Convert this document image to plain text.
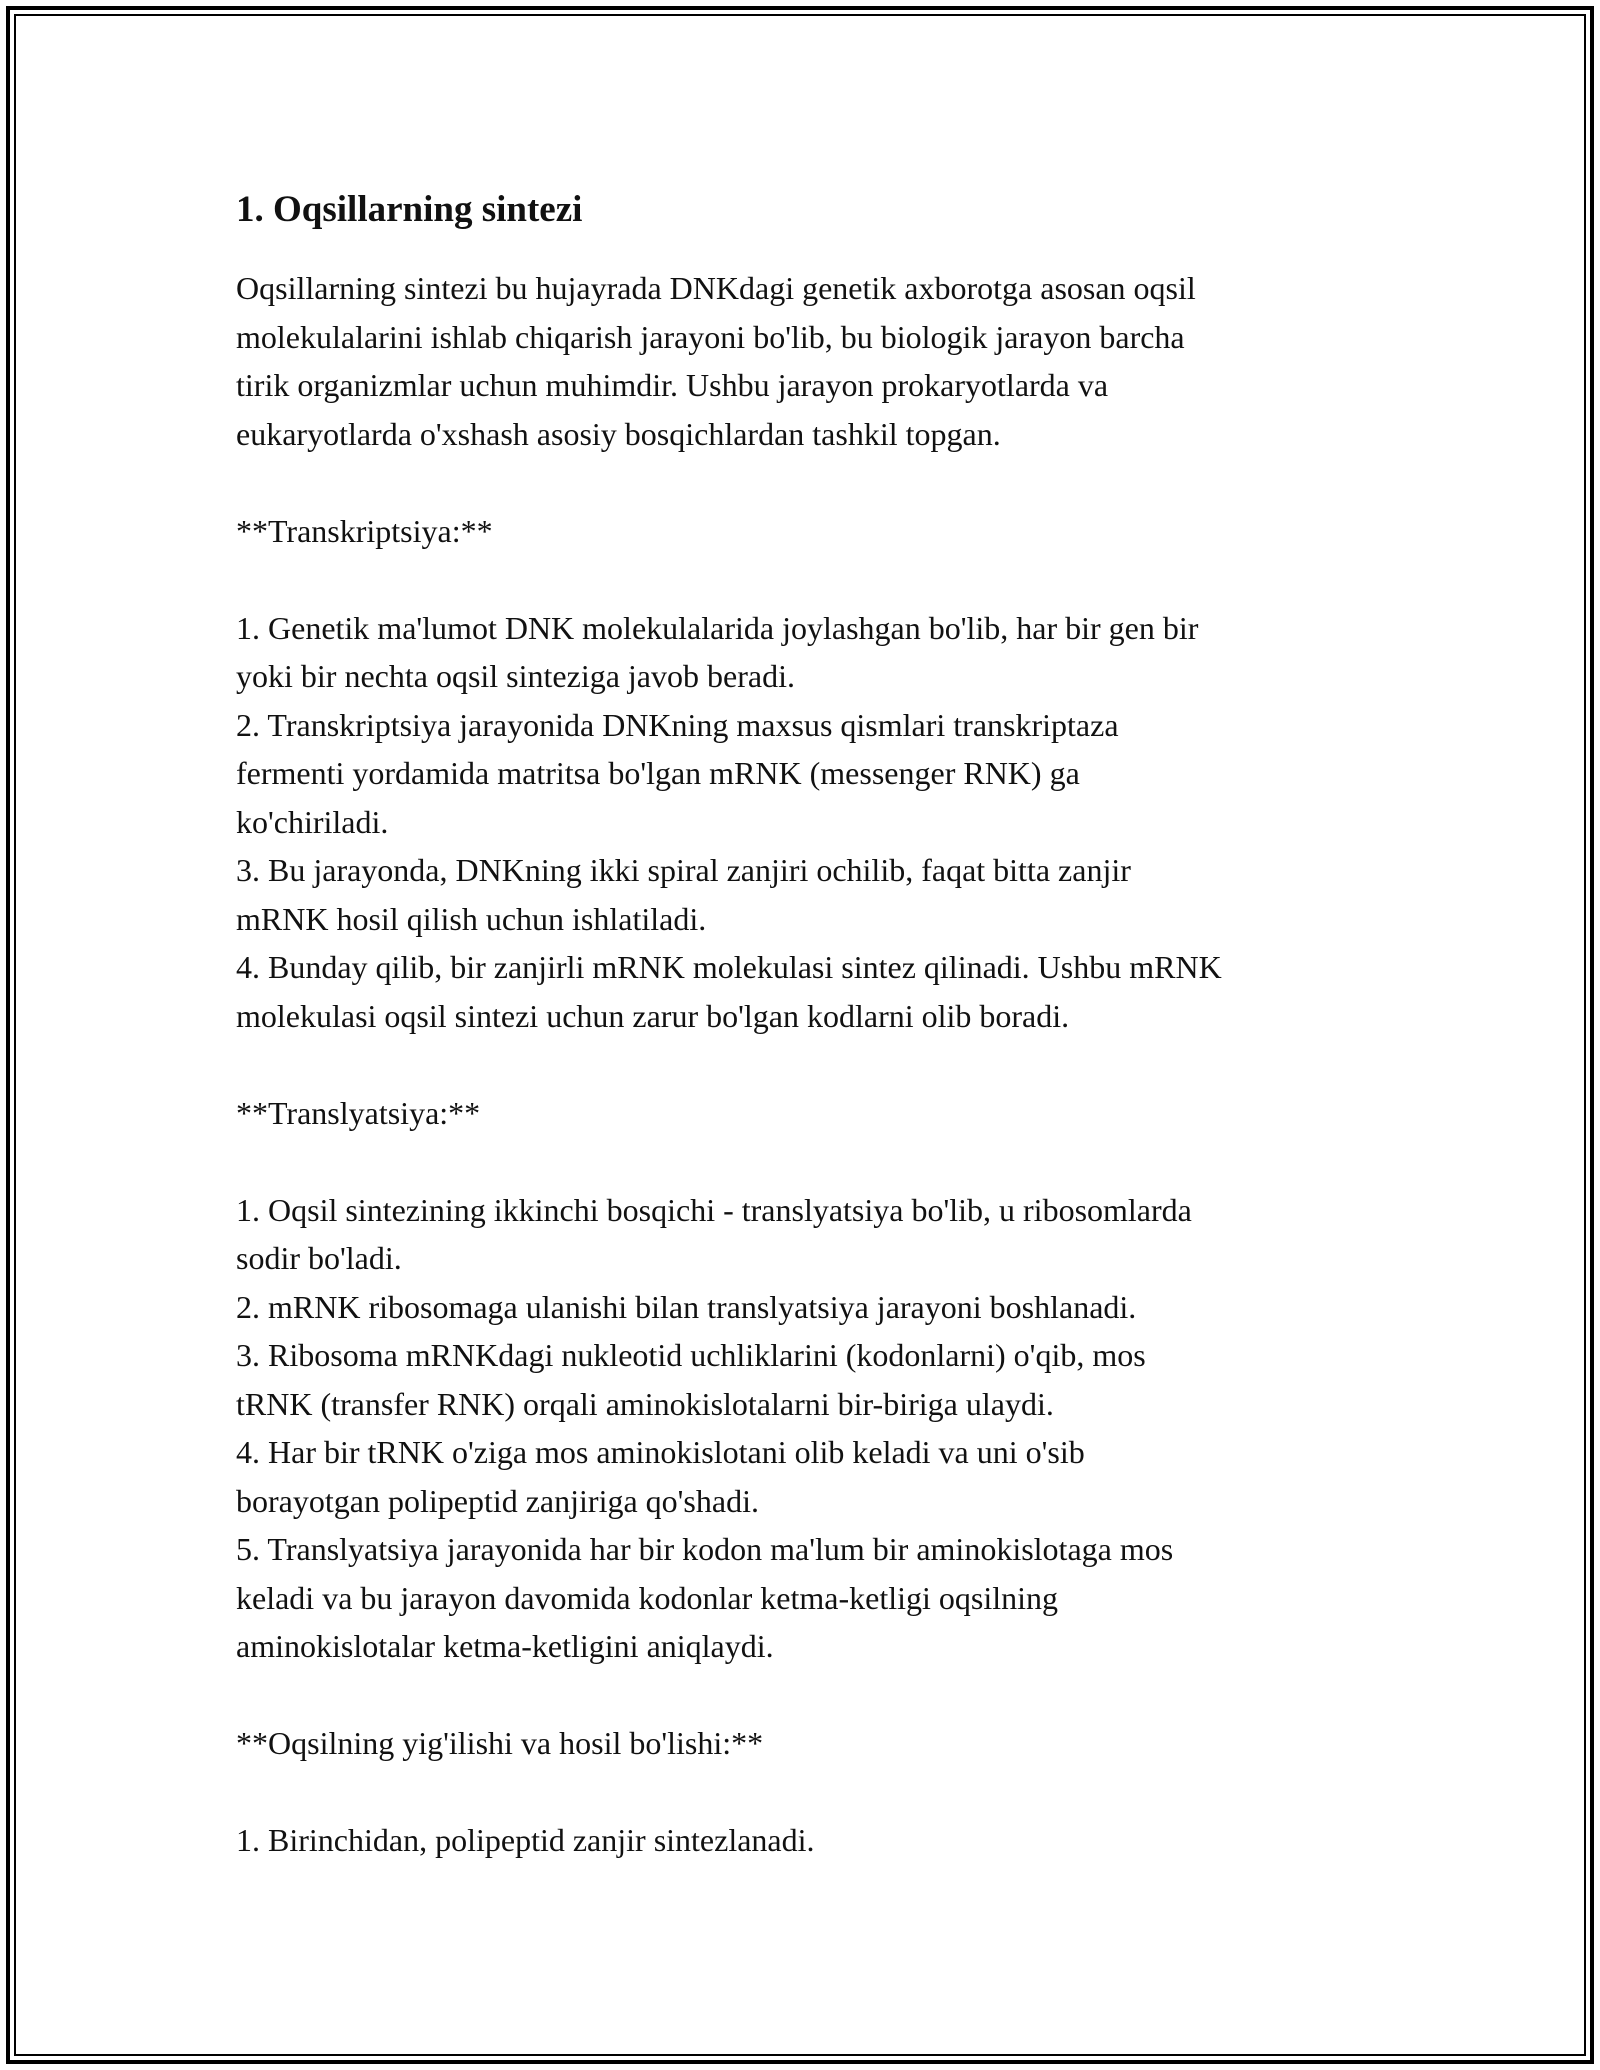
1. Oqsillarning sintezi

Oqsillarning sintezi bu hujayrada DNKdagi genetik axborotga asosan oqsil

molekulalarini ishlab chiqarish jarayoni bo'lib, bu biologik jarayon barcha

tirik organizmlar uchun muhimdir. Ushbu jarayon prokaryotlarda va

eukaryotlarda o'xshash asosiy bosqichlardan tashkil topgan.

**Transkriptsiya:**

1. Genetik ma'lumot DNK molekulalarida joylashgan bo'lib, har bir gen bir

yoki bir nechta oqsil sinteziga javob beradi.

2. Transkriptsiya jarayonida DNKning maxsus qismlari transkriptaza

fermenti yordamida matritsa bo'lgan mRNK (messenger RNK) ga

ko'chiriladi.

3. Bu jarayonda, DNKning ikki spiral zanjiri ochilib, faqat bitta zanjir

mRNK hosil qilish uchun ishlatiladi.

4. Bunday qilib, bir zanjirli mRNK molekulasi sintez qilinadi. Ushbu mRNK

molekulasi oqsil sintezi uchun zarur bo'lgan kodlarni olib boradi.

**Translyatsiya:**

1. Oqsil sintezining ikkinchi bosqichi - translyatsiya bo'lib, u ribosomlarda

sodir bo'ladi.

2. mRNK ribosomaga ulanishi bilan translyatsiya jarayoni boshlanadi.

3. Ribosoma mRNKdagi nukleotid uchliklarini (kodonlarni) o'qib, mos

tRNK (transfer RNK) orqali aminokislotalarni bir-biriga ulaydi.

4. Har bir tRNK o'ziga mos aminokislotani olib keladi va uni o'sib

borayotgan polipeptid zanjiriga qo'shadi.

5. Translyatsiya jarayonida har bir kodon ma'lum bir aminokislotaga mos

keladi va bu jarayon davomida kodonlar ketma-ketligi oqsilning

aminokislotalar ketma-ketligini aniqlaydi.

**Oqsilning yig'ilishi va hosil bo'lishi:**

1. Birinchidan, polipeptid zanjir sintezlanadi.
